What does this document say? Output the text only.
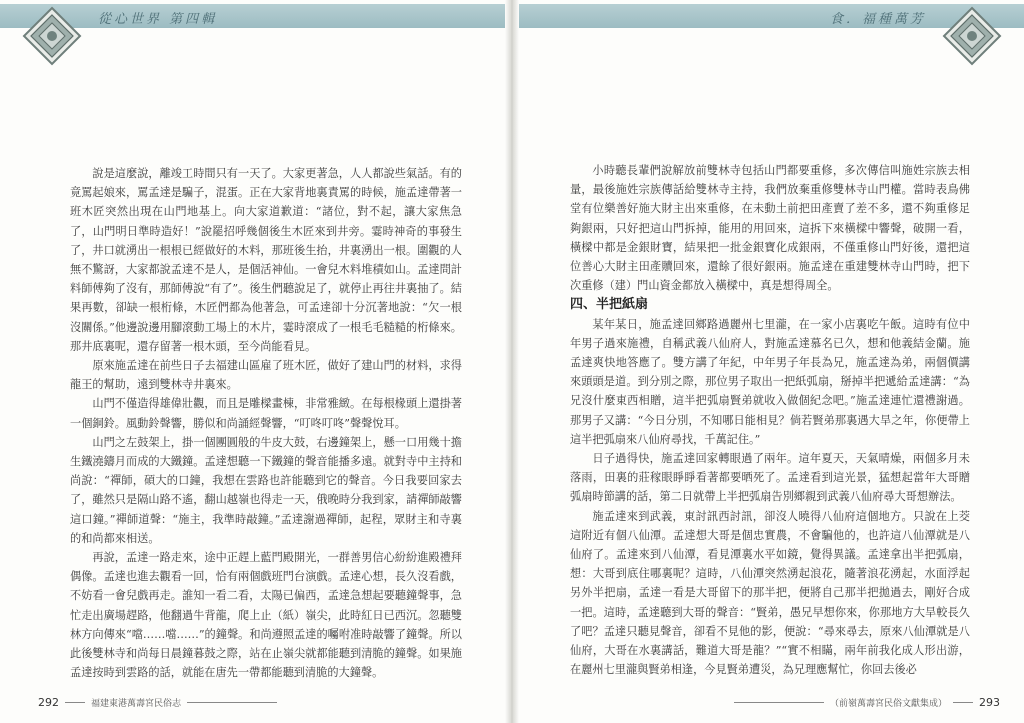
從心世界 第四輯

說是這麼說，離竣工時間只有一天了。大家更著急，人人都說些氣話。有的竟罵起娘來，罵孟達是騙子，混蛋。正在大家背地裏責罵的時候，施孟達帶著一班木匠突然出現在山門地基上。向大家道歉道：“諸位，對不起，讓大家焦急了，山門明日準時造好！”說罷招呼幾個後生木匠來到井旁。霎時神奇的事發生了，井口就湧出一根根已經做好的木料，那班後生抬，井裏湧出一根。圍觀的人無不驚訝，大家都說孟達不是人，是個活神仙。一會兒木料堆積如山。孟達問計料師傅夠了沒有，那師傅說“有了”。後生們聽說足了，就停止再往井裏抽了。結果再數，卻缺一根桁條，木匠們都為他著急，可孟達卻十分沉著地說：“欠一根沒關係。”他邊說邊用腳滾動工場上的木片，霎時滾成了一根毛毛糙糙的桁條來。那井底裏呢，還存留著一根木頭，至今尚能看見。

原來施孟達在前些日子去福建山區雇了班木匠，做好了建山門的材料，求得龍王的幫助，遠到雙林寺井裏來。

山門不僅造得雄偉壯觀，而且是雕樑畫棟，非常雅緻。在每根椽頭上還掛著一個銅鈴。風動鈴聲響，勝似和尚誦經聲響，“叮咚叮咚”聲聲悅耳。

山門之左鼓架上，掛一個團圓般的牛皮大鼓，右邊鐘架上，懸一口用幾十擔生鐵澆鑄月而成的大鐵鐘。孟達想聽一下鐵鐘的聲音能播多遠。就對寺中主持和尚說：“禪師，碩大的口鐘，我想在雲路也許能聽到它的聲音。今日我要回家去了，雖然只是隔山路不遙，翻山越嶺也得走一天，俄晚時分我到家，請禪師敲響這口鐘。”禪師道聲：“施主，我準時敲鐘。”孟達謝過禪師，起程，眾財主和寺裏的和尚都來相送。

再說，孟達一路走來，途中正趕上藍門殿開光，一群善男信心紛紛進殿禮拜偶像。孟達也進去觀看一回，恰有兩個戲班門台演戲。孟達心想，長久沒看戲，不妨看一會兒戲再走。誰知一看二看，太陽已偏西，孟達急想起要聽鐘聲事，急忙走出廣場趕路，他翻過牛背龍，爬上止（紙）嶺尖，此時紅日已西沉。忽聽雙林方向傳來“噹……噹……”的鐘聲。和尚遵照孟達的囑咐准時敲響了鐘聲。所以此後雙林寺和尚每日晨鐘暮鼓之際，站在止嶺尖就都能聽到清脆的鐘聲。如果施孟達按時到雲路的話，就能在唐先一帶都能聽到清脆的大鐘聲。

292	福建東港萬壽宮民俗志
食．福種萬芳

小時聽長輩們說解放前雙林寺包括山門都要重修，多次傳信叫施姓宗族去相量，最後施姓宗族傳話給雙林寺主持，我們放棄重修雙林寺山門權。當時表鳥佛堂有位樂善好施大財主出來重修，在未動土前把田產賣了差不多，還不夠重修足夠銀兩，只好把這山門拆掉，能用的用回來，這拆下來橫樑中響聲，破開一看，橫樑中都是金銀財寶，結果把一批金銀寶化成銀兩，不僅重修山門好後，還把這位善心大財主田產贖回來，還餘了很好銀兩。施孟達在重建雙林寺山門時，把下次重修（建）門山資金都放入橫樑中，真是想得周全。

四、半把紙扇

某年某日，施孟達回鄉路過麗州七里瀧，在一家小店裏吃午飯。這時有位中年男子過來施禮，自稱武義八仙府人，對施孟達慕名已久，想和他義結金蘭。施孟達爽快地答應了。雙方講了年紀，中年男子年長為兄，施孟達為弟，兩個價講來頭頭是道。到分別之際，那位男子取出一把紙弧扇，掰掉半把遞給孟達講：“為兄沒什麼東西相贈，這半把弧扇賢弟就收入做個紀念吧。”施孟達連忙還禮謝過。那男子又講：“今日分別，不知哪日能相見？倘若賢弟那裏遇大旱之年，你便帶上這半把弧扇來八仙府尋找，千萬記住。”

日子過得快，施孟達回家轉眼過了兩年。這年夏天，天氣晴燥，兩個多月未落雨，田裏的莊稼眼睜睜看著都要晒死了。孟達看到這光景，猛想起當年大哥贈弧扇時節講的話，第二日就帶上半把弧扇告別鄉親到武義八仙府尋大哥想辦法。

施孟達來到武義，東討訊西討訊，卻沒人曉得八仙府這個地方。只說在上茭這附近有個八仙潭。孟達想大哥是個忠實農，不會騙他的，也許這八仙潭就是八仙府了。孟達來到八仙潭，看見潭裏水平如鏡，覺得異議。孟達拿出半把弧扇，想：大哥到底住哪裏呢？這時，八仙潭突然湧起浪花，隨著浪花湧起，水面浮起另外半把扇，孟達一看是大哥留下的那半把，便將自己那半把拋過去，剛好合成一把。這時，孟達聽到大哥的聲音：“賢弟，愚兄早想你來，你那地方大旱較長久了吧？孟達只聽見聲音，卻看不見他的影，便說：“尋來尋去，原來八仙潭就是八仙府，大哥在水裏講話，難道大哥是龍？”“實不相瞞，兩年前我化成人形出游，在麗州七里瀧與賢弟相逢，今見賢弟遭災，為兄理應幫忙，你回去後必

（前嶺萬壽宮民俗文獻集成）	293
